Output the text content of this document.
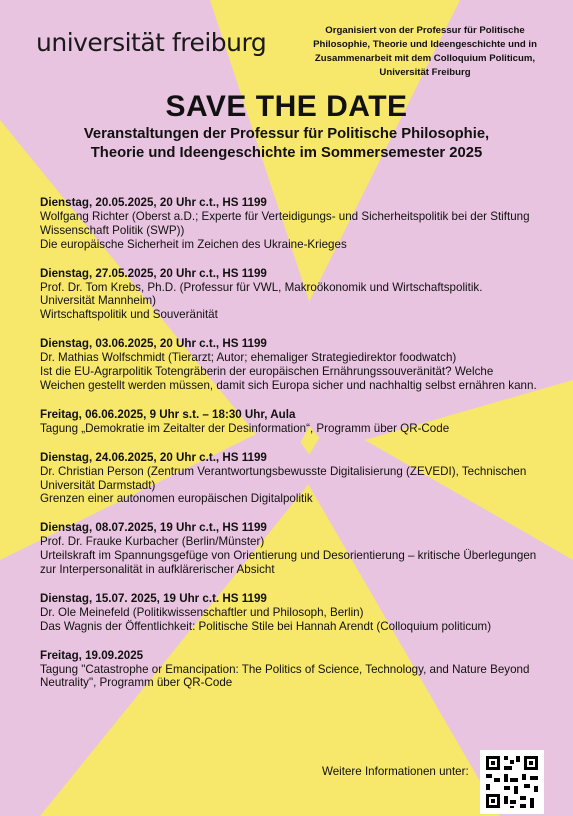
universität freiburg	Organisiert von der Professur für Politische Philosophie, Theorie und Ideengeschichte und in Zusammenarbeit mit dem Colloquium Politicum, Universität Freiburg
SAVE THE DATE
Veranstaltungen der Professur für Politische Philosophie,
Theorie und Ideengeschichte im Sommersemester 2025
Dienstag, 20.05.2025, 20 Uhr c.t., HS 1199
Wolfgang Richter (Oberst a.D.; Experte für Verteidigungs- und Sicherheitspolitik bei der Stiftung Wissenschaft Politik (SWP))
Die europäische Sicherheit im Zeichen des Ukraine-Krieges
Dienstag, 27.05.2025, 20 Uhr c.t., HS 1199
Prof. Dr. Tom Krebs, Ph.D. (Professur für VWL, Makroökonomik und Wirtschaftspolitik. Universität Mannheim)
Wirtschaftspolitik und Souveränität
Dienstag, 03.06.2025, 20 Uhr c.t., HS 1199
Dr. Mathias Wolfschmidt (Tierarzt; Autor; ehemaliger Strategiedirektor foodwatch)
Ist die EU-Agrarpolitik Totengräberin der europäischen Ernährungssouveränität? Welche Weichen gestellt werden müssen, damit sich Europa sicher und nachhaltig selbst ernähren kann.
Freitag, 06.06.2025, 9 Uhr s.t. – 18:30 Uhr, Aula
Tagung „Demokratie im Zeitalter der Desinformation“, Programm über QR-Code
Dienstag, 24.06.2025, 20 Uhr c.t., HS 1199
Dr. Christian Person (Zentrum Verantwortungsbewusste Digitalisierung (ZEVEDI), Technischen Universität Darmstadt)
Grenzen einer autonomen europäischen Digitalpolitik
Dienstag, 08.07.2025, 19 Uhr c.t., HS 1199
Prof. Dr. Frauke Kurbacher (Berlin/Münster)
Urteilskraft im Spannungsgefüge von Orientierung und Desorientierung – kritische Überlegungen zur Interpersonalität in aufklärerischer Absicht
Dienstag, 15.07. 2025, 19 Uhr c.t. HS 1199
Dr. Ole Meinefeld (Politikwissenschaftler und Philosoph, Berlin)
Das Wagnis der Öffentlichkeit: Politische Stile bei Hannah Arendt (Colloquium politicum)
Freitag, 19.09.2025
Tagung "Catastrophe or Emancipation: The Politics of Science, Technology, and Nature Beyond Neutrality", Programm über QR-Code
Weitere Informationen unter:
